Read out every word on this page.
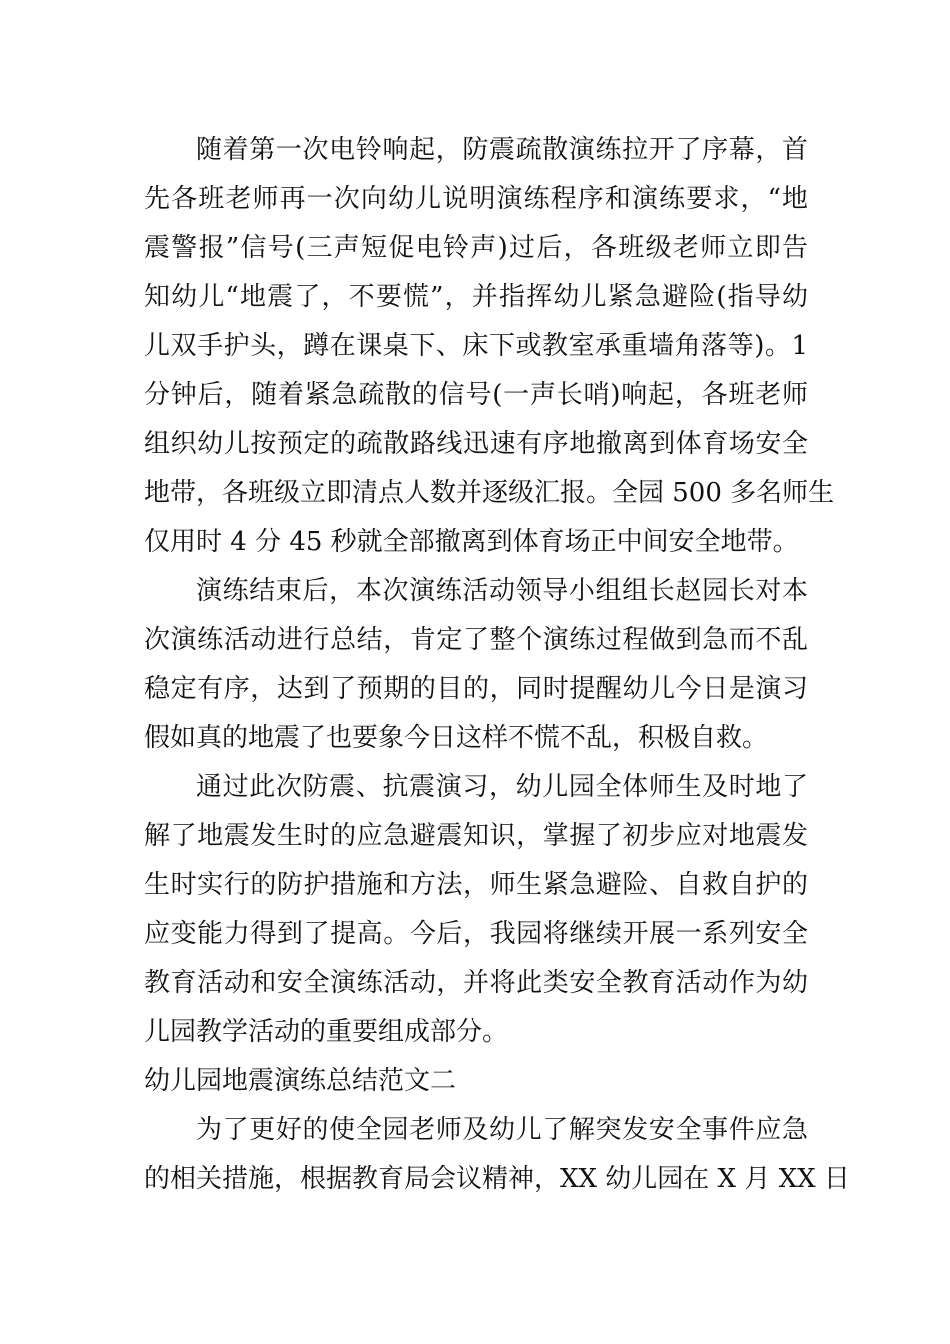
随着第一次电铃响起，防震疏散演练拉开了序幕，首
先各班老师再一次向幼儿说明演练程序和演练要求，“地
震警报”信号(三声短促电铃声)过后，各班级老师立即告
知幼儿“地震了，不要慌”，并指挥幼儿紧急避险(指导幼
儿双手护头，蹲在课桌下、床下或教室承重墙角落等)。1
分钟后，随着紧急疏散的信号(一声长哨)响起，各班老师
组织幼儿按预定的疏散路线迅速有序地撤离到体育场安全
地带，各班级立即清点人数并逐级汇报。全园 500 多名师生
仅用时 4 分 45 秒就全部撤离到体育场正中间安全地带。
演练结束后，本次演练活动领导小组组长赵园长对本
次演练活动进行总结，肯定了整个演练过程做到急而不乱
稳定有序，达到了预期的目的，同时提醒幼儿今日是演习
假如真的地震了也要象今日这样不慌不乱，积极自救。
通过此次防震、抗震演习，幼儿园全体师生及时地了
解了地震发生时的应急避震知识，掌握了初步应对地震发
生时实行的防护措施和方法，师生紧急避险、自救自护的
应变能力得到了提高。今后，我园将继续开展一系列安全
教育活动和安全演练活动，并将此类安全教育活动作为幼
儿园教学活动的重要组成部分。
幼儿园地震演练总结范文二
为了更好的使全园老师及幼儿了解突发安全事件应急
的相关措施，根据教育局会议精神，XX 幼儿园在 X 月 XX 日
